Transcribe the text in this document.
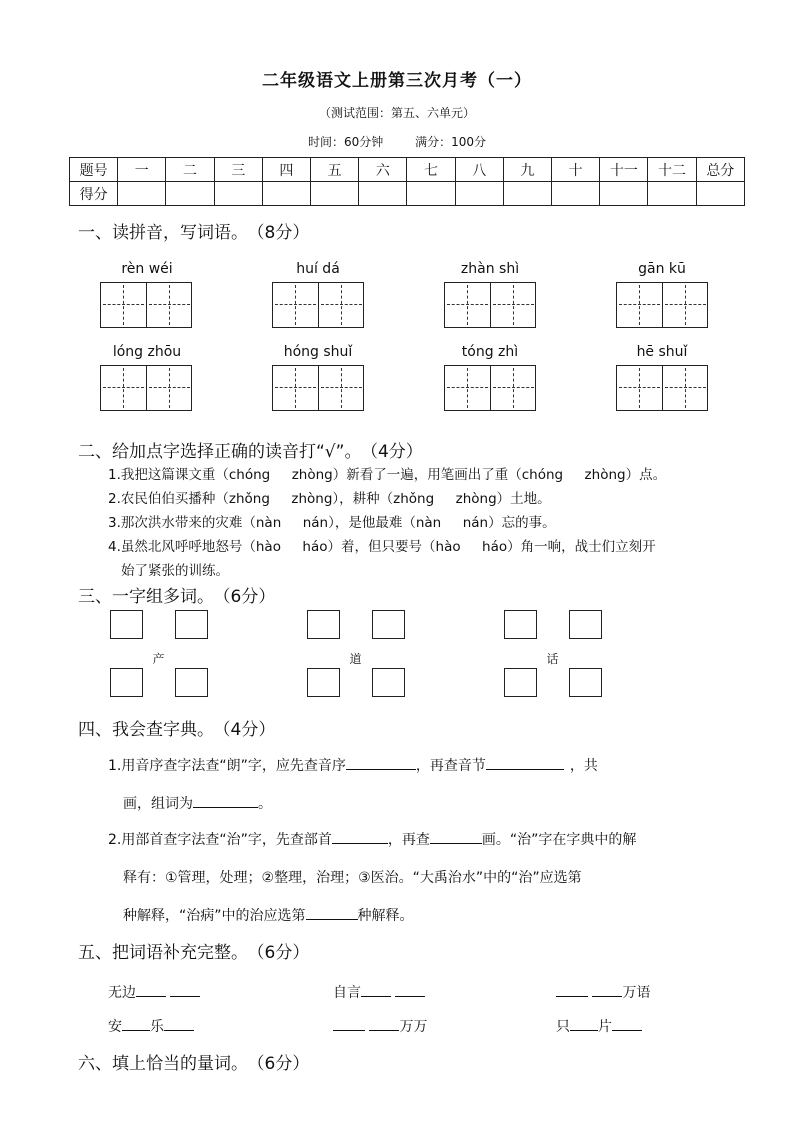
二年级语文上册第三次月考（一）
（测试范围：第五、六单元）
时间：60分钟	满分：100分
题号	一	二	三	四	五	六	七	八	九	十	十一	十二	总分
得分													
一、读拼音，写词语。 （8分）
rèn wéi	huí dá	zhàn shì	gān kū
lóng zhōu	hóng shuǐ	tóng zhì	hē shuǐ
二、给加点字选择正确的读音打“√”。 （4分）
1.我把这篇课文重（chóng     zhòng）新看了一遍，用笔画出了重（chóng     zhòng）点。
2.农民伯伯买播种（zhǒng     zhòng），耕种（zhǒng     zhòng）土地。
3.那次洪水带来的灾难（nàn     nán），是他最难（nàn     nán）忘的事。
4.虽然北风呼呼地怒号（hào     háo）着，但只要号（hào     háo）角一响，战士们立刻开
始了紧张的训练。
三、一字组多词。 （6分）
产	道	话
四、我会查字典。 （4分）
1.用音序查字法查“朗”字，应先查音序	，再查音节	，共
画，组词为	。
2.用部首查字法查“治”字，先查部首	，再查	画。“治”字在字典中的解
释有：①管理，处理；②整理，治理；③医治。“大禹治水”中的“治”应选第
种解释，“治病”中的治应选第	种解释。
五、把词语补充完整。 （6分）
无边	自言	万语
安 乐	万万	只 片
六、填上恰当的量词。 （6分）
